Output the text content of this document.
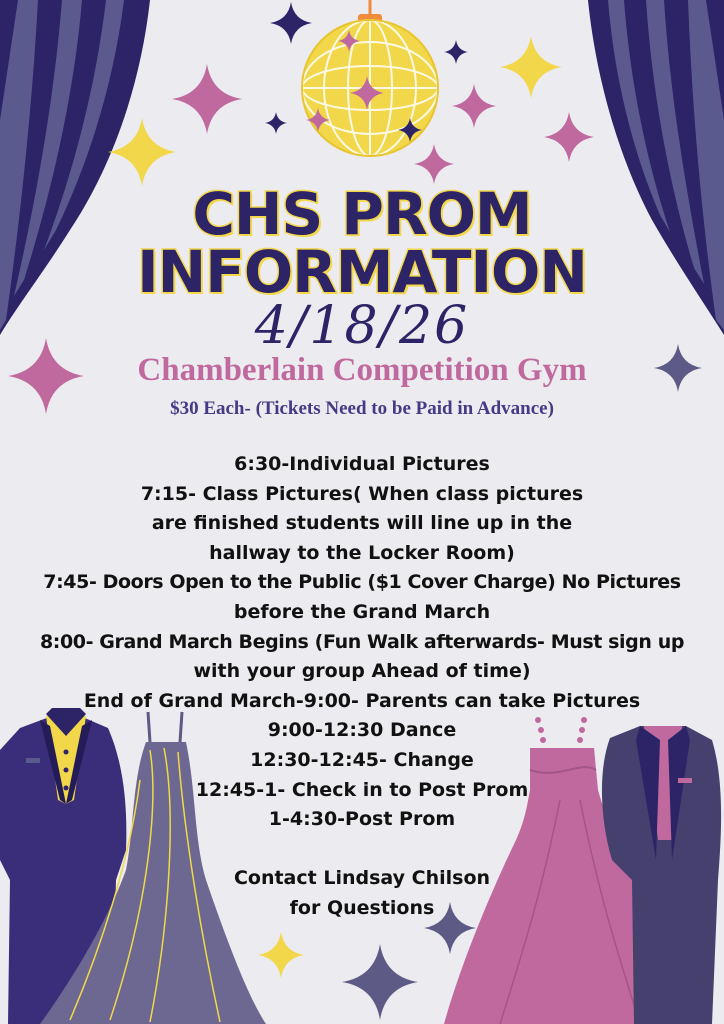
CHS PROM
INFORMATION
4/18/26
Chamberlain Competition Gym
$30 Each- (Tickets Need to be Paid in Advance)
6:30-Individual Pictures
7:15- Class Pictures( When class pictures
are finished students will line up in the
hallway to the Locker Room)
7:45- Doors Open to the Public ($1 Cover Charge) No Pictures
before the Grand March
8:00- Grand March Begins (Fun Walk afterwards- Must sign up
with your group Ahead of time)
End of Grand March-9:00- Parents can take Pictures
9:00-12:30 Dance
12:30-12:45- Change
12:45-1- Check in to Post Prom
1-4:30-Post Prom
Contact Lindsay Chilson
for Questions
